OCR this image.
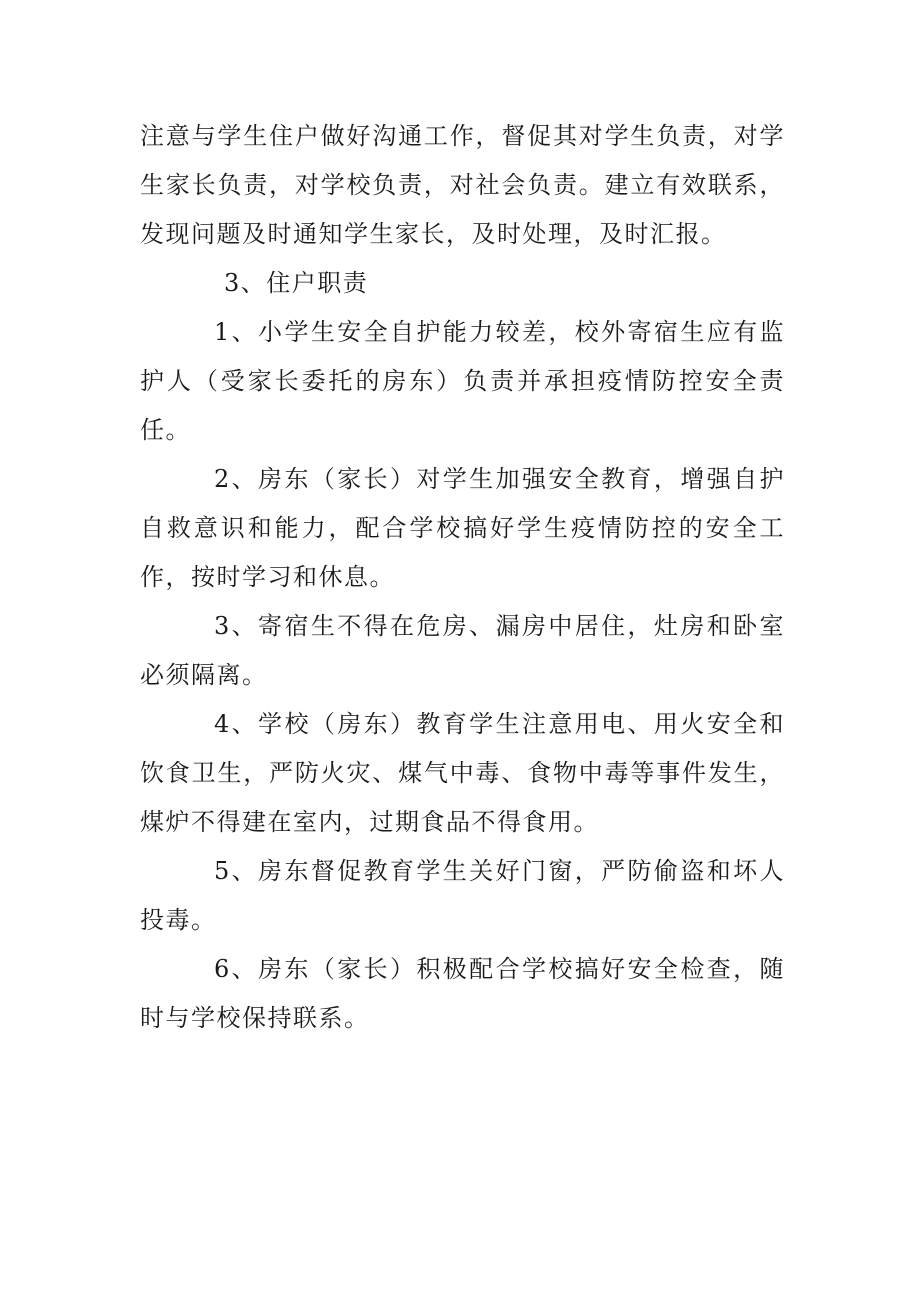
注意与学生住户做好沟通工作，督促其对学生负责，对学生家长负责，对学校负责，对社会负责。建立有效联系，发现问题及时通知学生家长，及时处理，及时汇报。

3、住户职责

1、小学生安全自护能力较差，校外寄宿生应有监护人（受家长委托的房东）负责并承担疫情防控安全责任。

2、房东（家长）对学生加强安全教育，增强自护自救意识和能力，配合学校搞好学生疫情防控的安全工作，按时学习和休息。

3、寄宿生不得在危房、漏房中居住，灶房和卧室必须隔离。

4、学校（房东）教育学生注意用电、用火安全和饮食卫生，严防火灾、煤气中毒、食物中毒等事件发生，煤炉不得建在室内，过期食品不得食用。

5、房东督促教育学生关好门窗，严防偷盗和坏人投毒。

6、房东（家长）积极配合学校搞好安全检查，随时与学校保持联系。
